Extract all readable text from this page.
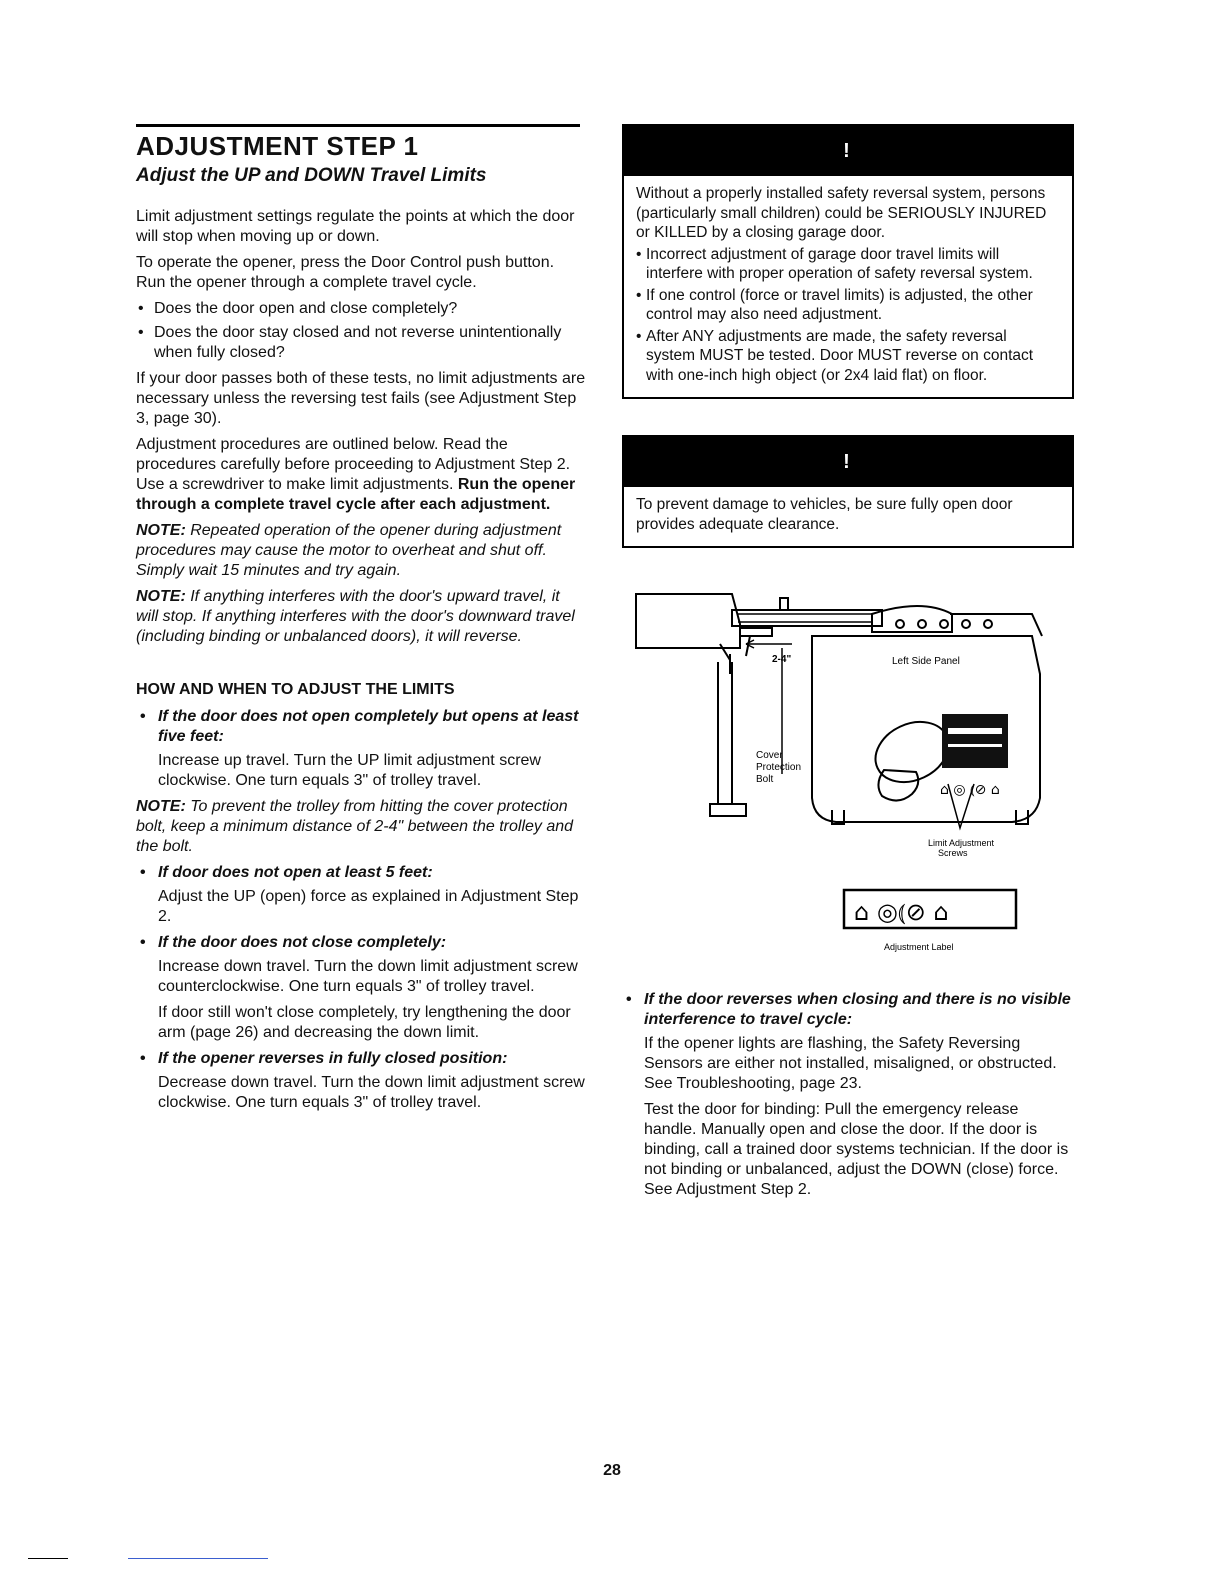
ADJUSTMENT STEP 1
Adjust the UP and DOWN Travel Limits

Limit adjustment settings regulate the points at which the door will stop when moving up or down.

To operate the opener, press the Door Control push button. Run the opener through a complete travel cycle.

• Does the door open and close completely?
• Does the door stay closed and not reverse unintentionally when fully closed?

If your door passes both of these tests, no limit adjustments are necessary unless the reversing test fails (see Adjustment Step 3, page 30).

Adjustment procedures are outlined below. Read the procedures carefully before proceeding to Adjustment Step 2. Use a screwdriver to make limit adjustments. Run the opener through a complete travel cycle after each adjustment.

NOTE: Repeated operation of the opener during adjustment procedures may cause the motor to overheat and shut off. Simply wait 15 minutes and try again.

NOTE: If anything interferes with the door's upward travel, it will stop. If anything interferes with the door's downward travel (including binding or unbalanced doors), it will reverse.

HOW AND WHEN TO ADJUST THE LIMITS
• If the door does not open completely but opens at least five feet:

Increase up travel. Turn the UP limit adjustment screw clockwise. One turn equals 3" of trolley travel.

NOTE: To prevent the trolley from hitting the cover protection bolt, keep a minimum distance of 2-4" between the trolley and the bolt.

• If door does not open at least 5 feet:

Adjust the UP (open) force as explained in Adjustment Step 2.

• If the door does not close completely:

Increase down travel. Turn the down limit adjustment screw counterclockwise. One turn equals 3" of trolley travel.

If door still won't close completely, try lengthening the door arm (page 26) and decreasing the down limit.

• If the opener reverses in fully closed position:

Decrease down travel. Turn the down limit adjustment screw clockwise. One turn equals 3" of trolley travel.

!

Without a properly installed safety reversal system, persons (particularly small children) could be SERIOUSLY INJURED or KILLED by a closing garage door.

• Incorrect adjustment of garage door travel limits will interfere with proper operation of safety reversal system.

• If one control (force or travel limits) is adjusted, the other control may also need adjustment.

• After ANY adjustments are made, the safety reversal system MUST be tested. Door MUST reverse on contact with one-inch high object (or 2x4 laid flat) on floor.

!

To prevent damage to vehicles, be sure fully open door provides adequate clearance.

⌂ ◎ ⦅⊘ ⌂
⌂ ◎⦅⊘ ⌂
2-4"	Left Side Panel
Cover
Protection
Bolt
Limit Adjustment
Screws
Adjustment Label
• If the door reverses when closing and there is no visible interference to travel cycle:

If the opener lights are flashing, the Safety Reversing Sensors are either not installed, misaligned, or obstructed. See Troubleshooting, page 23.

Test the door for binding: Pull the emergency release handle. Manually open and close the door. If the door is binding, call a trained door systems technician. If the door is not binding or unbalanced, adjust the DOWN (close) force. See Adjustment Step 2.

28
